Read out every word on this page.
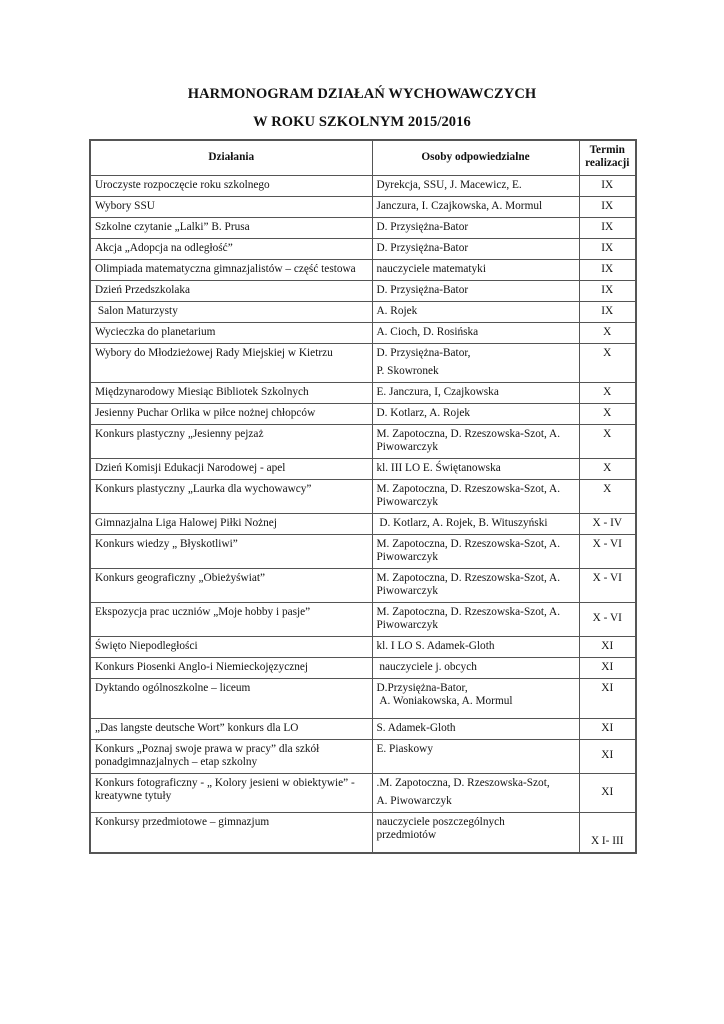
HARMONOGRAM DZIAŁAŃ WYCHOWAWCZYCH
W ROKU SZKOLNYM 2015/2016
Działania	Osoby odpowiedzialne	Termin
realizacji

Uroczyste rozpoczęcie roku szkolnego	Dyrekcja, SSU, J. Macewicz, E.	IX
Wybory SSU	Janczura, I. Czajkowska, A. Mormul	IX
Szkolne czytanie „Lalki” B. Prusa	D. Przysiężna-Bator	IX
Akcja „Adopcja na odległość”	D. Przysiężna-Bator	IX
Olimpiada matematyczna gimnazjalistów – część testowa	nauczyciele matematyki	IX
Dzień Przedszkolaka	D. Przysiężna-Bator	IX
Salon Maturzysty	A. Rojek	IX
Wycieczka do planetarium	A. Cioch, D. Rosińska	X
Wybory do Młodzieżowej Rady Miejskiej w Kietrzu	D. Przysiężna-Bator,
P. Skowronek	X
Międzynarodowy Miesiąc Bibliotek Szkolnych	E. Janczura, I, Czajkowska	X
Jesienny Puchar Orlika w piłce nożnej chłopców	D. Kotlarz, A. Rojek	X
Konkurs plastyczny „Jesienny pejzaż	M. Zapotoczna, D. Rzeszowska-Szot, A. Piwowarczyk	X
Dzień Komisji Edukacji Narodowej - apel	kl. III LO E. Świętanowska	X
Konkurs plastyczny „Laurka dla wychowawcy”	M. Zapotoczna, D. Rzeszowska-Szot, A. Piwowarczyk	X
Gimnazjalna Liga Halowej Piłki Nożnej	D. Kotlarz, A. Rojek, B. Wituszyński	X - IV
Konkurs wiedzy „ Błyskotliwi”	M. Zapotoczna, D. Rzeszowska-Szot, A. Piwowarczyk	X - VI
Konkurs geograficzny „Obieżyświat”	M. Zapotoczna, D. Rzeszowska-Szot, A. Piwowarczyk	X - VI
Ekspozycja prac uczniów „Moje hobby i pasje”	M. Zapotoczna, D. Rzeszowska-Szot, A. Piwowarczyk	X - VI
Święto Niepodległości	kl. I LO S. Adamek-Gloth	XI
Konkurs Piosenki Anglo-i Niemieckojęzycznej	nauczyciele j. obcych	XI
Dyktando ogólnoszkolne – liceum	D.Przysiężna-Bator,
A. Woniakowska, A. Mormul	XI
„Das langste deutsche Wort” konkurs dla LO	S. Adamek-Gloth	XI
Konkurs „Poznaj swoje prawa w pracy” dla szkół ponadgimnazjalnych – etap szkolny	E. Piaskowy	XI
Konkurs fotograficzny - „ Kolory jesieni w obiektywie” - kreatywne tytuły	.M. Zapotoczna, D. Rzeszowska-Szot,
A. Piwowarczyk	XI
Konkursy przedmiotowe – gimnazjum	nauczyciele poszczególnych
przedmiotów	X I- III
